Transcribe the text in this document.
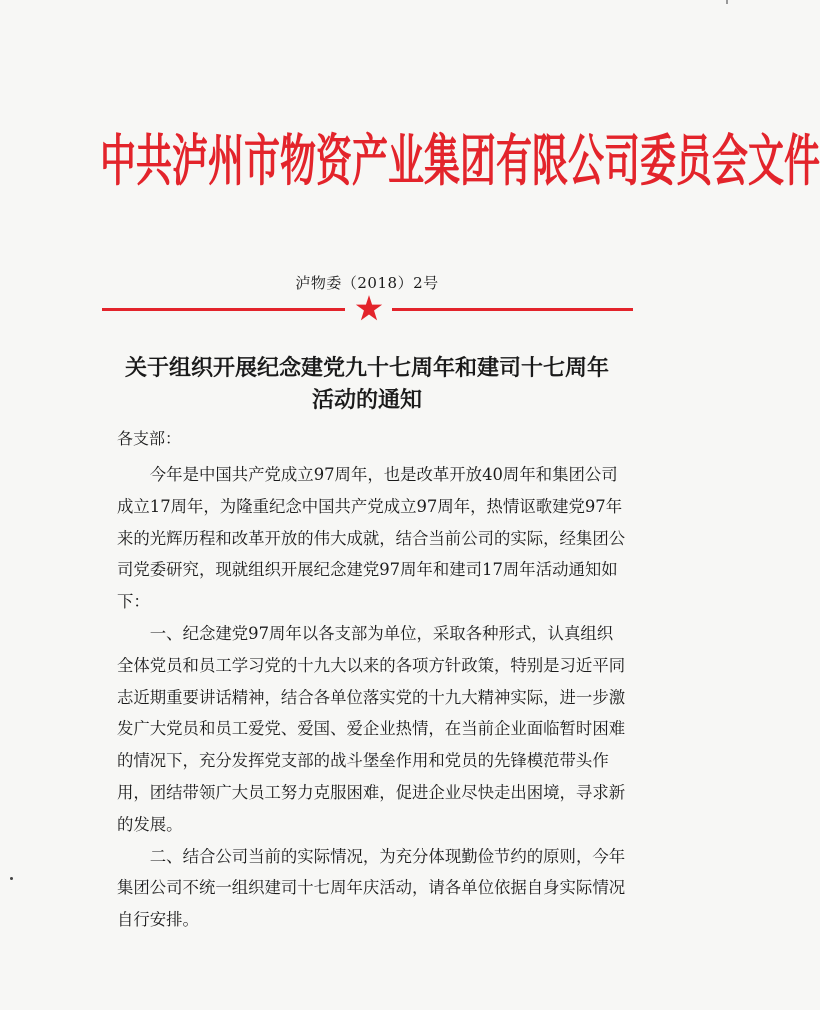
中共泸州市物资产业集团有限公司委员会文件
泸物委（2018）2号
关于组织开展纪念建党九十七周年和建司十七周年
活动的通知
各支部：

今年是中国共产党成立97周年，也是改革开放40周年和集团公司成立17周年，为隆重纪念中国共产党成立97周年，热情讴歌建党97年来的光辉历程和改革开放的伟大成就，结合当前公司的实际，经集团公司党委研究，现就组织开展纪念建党97周年和建司17周年活动通知如下：

一、纪念建党97周年以各支部为单位，采取各种形式，认真组织全体党员和员工学习党的十九大以来的各项方针政策，特别是习近平同志近期重要讲话精神，结合各单位落实党的十九大精神实际，进一步激发广大党员和员工爱党、爱国、爱企业热情，在当前企业面临暂时困难的情况下，充分发挥党支部的战斗堡垒作用和党员的先锋模范带头作用，团结带领广大员工努力克服困难，促进企业尽快走出困境，寻求新的发展。

二、结合公司当前的实际情况，为充分体现勤俭节约的原则，今年集团公司不统一组织建司十七周年庆活动，请各单位依据自身实际情况自行安排。
